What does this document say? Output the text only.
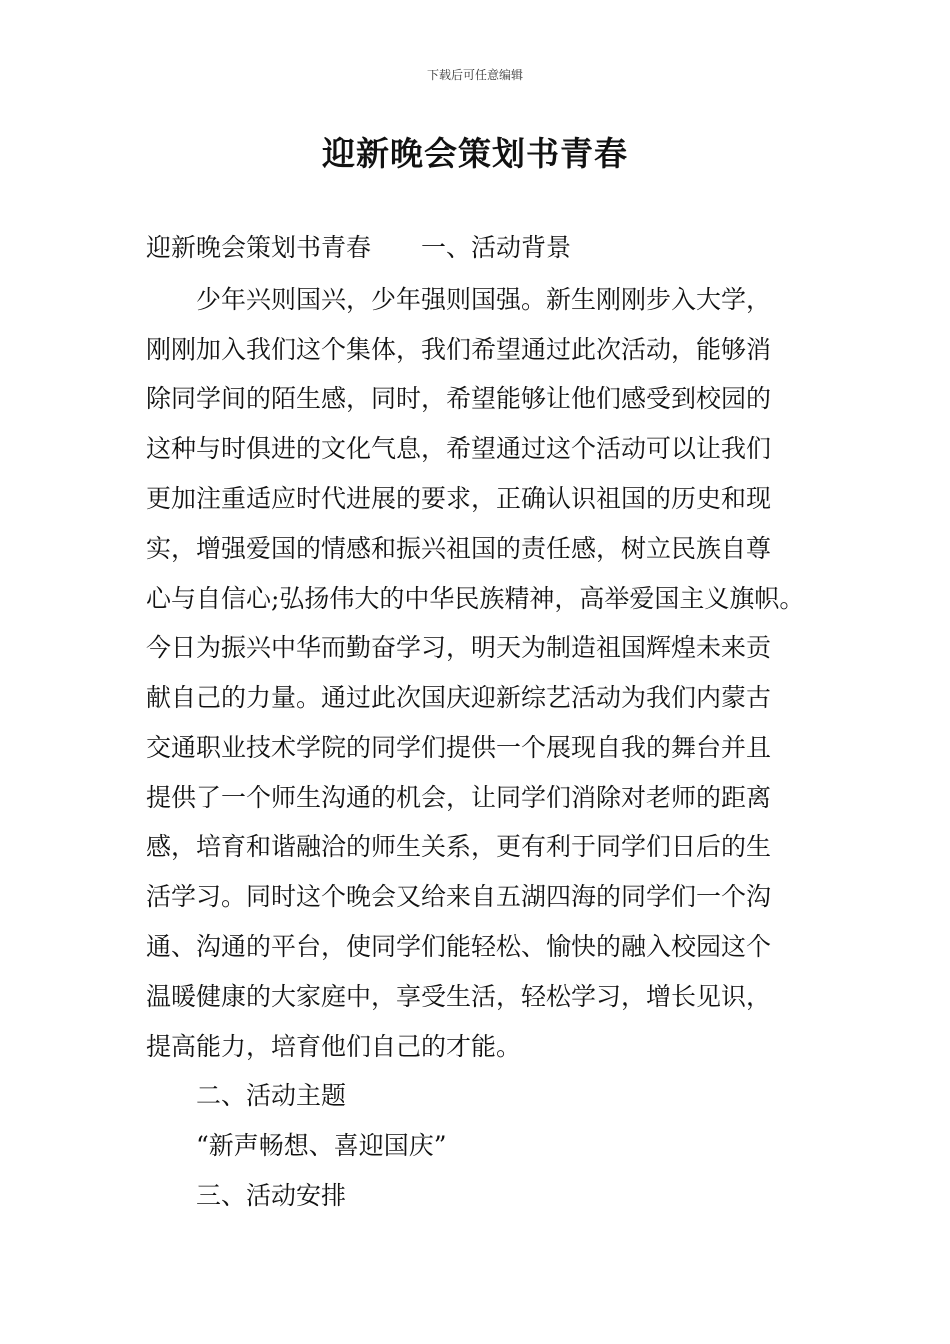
下载后可任意编辑
迎新晚会策划书青春
迎新晚会策划书青春　　一、活动背景
少年兴则国兴，少年强则国强。新生刚刚步入大学，
刚刚加入我们这个集体，我们希望通过此次活动，能够消
除同学间的陌生感，同时，希望能够让他们感受到校园的
这种与时俱进的文化气息，希望通过这个活动可以让我们
更加注重适应时代进展的要求，正确认识祖国的历史和现
实，增强爱国的情感和振兴祖国的责任感，树立民族自尊
心与自信心;弘扬伟大的中华民族精神，高举爱国主义旗帜。
今日为振兴中华而勤奋学习，明天为制造祖国辉煌未来贡
献自己的力量。通过此次国庆迎新综艺活动为我们内蒙古
交通职业技术学院的同学们提供一个展现自我的舞台并且
提供了一个师生沟通的机会，让同学们消除对老师的距离
感，培育和谐融洽的师生关系，更有利于同学们日后的生
活学习。同时这个晚会又给来自五湖四海的同学们一个沟
通、沟通的平台，使同学们能轻松、愉快的融入校园这个
温暖健康的大家庭中，享受生活，轻松学习，增长见识，
提高能力，培育他们自己的才能。
二、活动主题
“新声畅想、喜迎国庆”
三、活动安排
